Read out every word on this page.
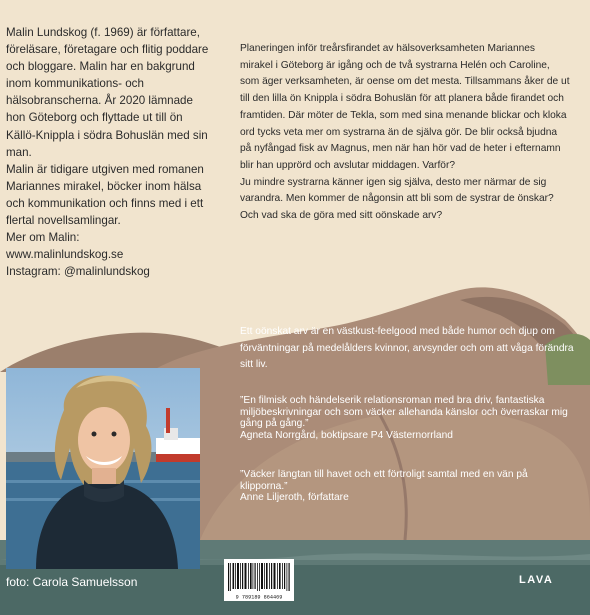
Malin Lundskog (f. 1969) är författare, föreläsare, företagare och flitig poddare och bloggare. Malin har en bakgrund inom kommunikations- och hälsobranscherna. År 2020 lämnade hon Göteborg och flyttade ut till ön Källö-Knippla i södra Bohuslän med sin man.

Malin är tidigare utgiven med romanen Mariannes mirakel, böcker inom hälsa och kommunikation och finns med i ett flertal novellsamlingar.

Mer om Malin:

www.malinlundskog.se

Instagram: @malinlundskog

Planeringen inför treårsfirandet av hälsoverksamheten Mariannes mirakel i Göteborg är igång och de två systrarna Helén och Caroline, som äger verksamheten, är oense om det mesta. Tillsammans åker de ut till den lilla ön Knippla i södra Bohuslän för att planera både firandet och framtiden. Där möter de Tekla, som med sina menande blickar och kloka ord tycks veta mer om systrarna än de själva gör. De blir också bjudna på nyfångad fisk av Magnus, men när han hör vad de heter i efternamn blir han upprörd och avslutar middagen. Varför?

Ju mindre systrarna känner igen sig själva, desto mer närmar de sig varandra. Men kommer de någonsin att bli som de systrar de önskar? Och vad ska de göra med sitt oönskade arv?

Ett oönskat arv är en västkust-feelgood med både humor och djup om förväntningar på medelålders kvinnor, arvsynder och om att våga förändra sitt liv.

”En filmisk och händelserik relationsroman med bra driv, fantastiska miljöbeskrivningar och som väcker allehanda känslor och överraskar mig gång på gång.”

Agneta Norrgård, boktipsare P4 Västernorrland

”Väcker längtan till havet och ett förtroligt samtal med en vän på klipporna.”

Anne Liljeroth, författare

foto: Carola Samuelsson
9 789189 864469
LAVA
